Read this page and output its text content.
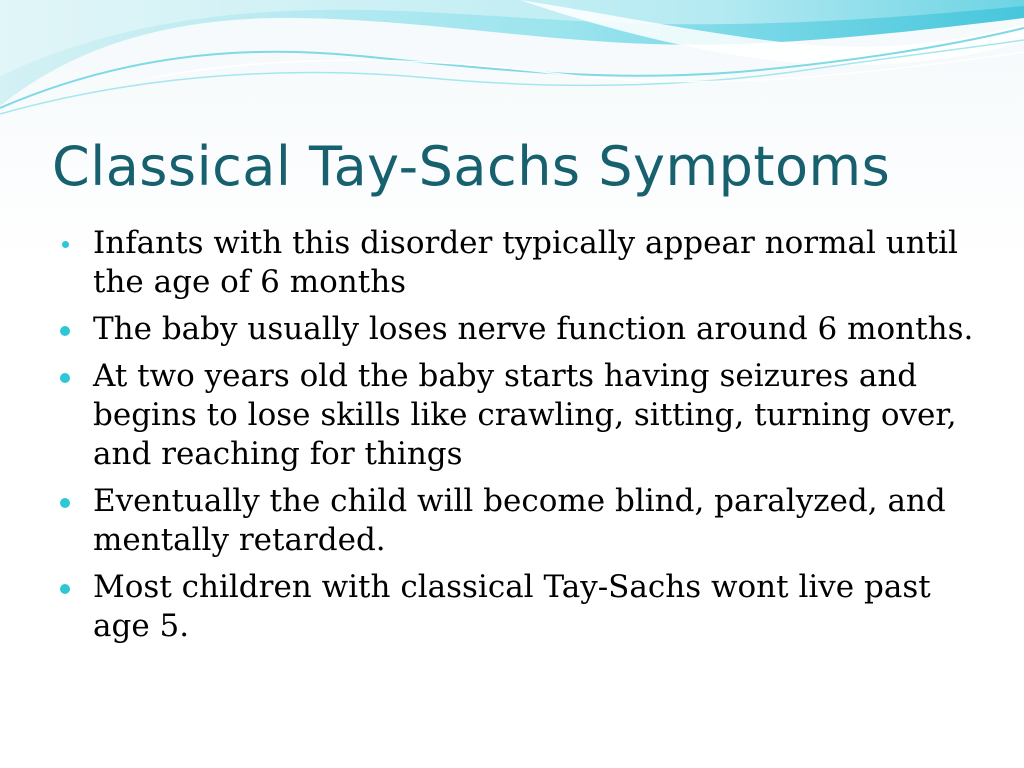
Classical Tay-Sachs Symptoms
Infants with this disorder typically appear normal until the age of 6 months
The baby usually loses nerve function around 6 months.
At two years old the baby starts having seizures and begins to lose skills like crawling, sitting, turning over, and reaching for things
Eventually the child will become blind, paralyzed, and mentally retarded.
Most children with classical Tay-Sachs wont live past age 5.
